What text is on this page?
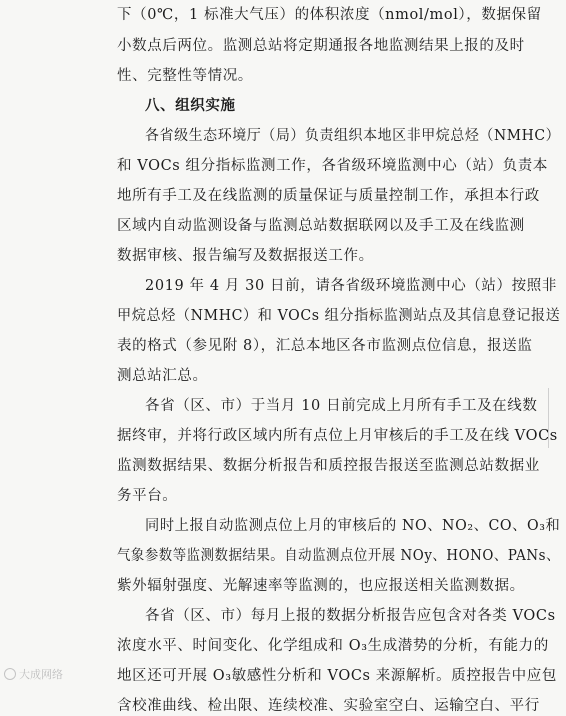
下（0℃，1 标准大气压）的体积浓度（nmol/mol），数据保留
小数点后两位。监测总站将定期通报各地监测结果上报的及时
性、完整性等情况。
八、组织实施
各省级生态环境厅（局）负责组织本地区非甲烷总烃（NMHC）
和 VOCs 组分指标监测工作，各省级环境监测中心（站）负责本
地所有手工及在线监测的质量保证与质量控制工作，承担本行政
区域内自动监测设备与监测总站数据联网以及手工及在线监测
数据审核、报告编写及数据报送工作。
2019 年 4 月 30 日前，请各省级环境监测中心（站）按照非
甲烷总烃（NMHC）和 VOCs 组分指标监测站点及其信息登记报送
表的格式（参见附 8），汇总本地区各市监测点位信息，报送监
测总站汇总。
各省（区、市）于当月 10 日前完成上月所有手工及在线数
据终审，并将行政区域内所有点位上月审核后的手工及在线 VOCs
监测数据结果、数据分析报告和质控报告报送至监测总站数据业
务平台。
同时上报自动监测点位上月的审核后的 NO、NO₂、CO、O₃和
气象参数等监测数据结果。自动监测点位开展 NOy、HONO、PANs、
紫外辐射强度、光解速率等监测的，也应报送相关监测数据。
各省（区、市）每月上报的数据分析报告应包含对各类 VOCs
浓度水平、时间变化、化学组成和 O₃生成潜势的分析，有能力的
地区还可开展 O₃敏感性分析和 VOCs 来源解析。质控报告中应包
含校准曲线、检出限、连续校准、实验室空白、运输空白、平行
大成网络
